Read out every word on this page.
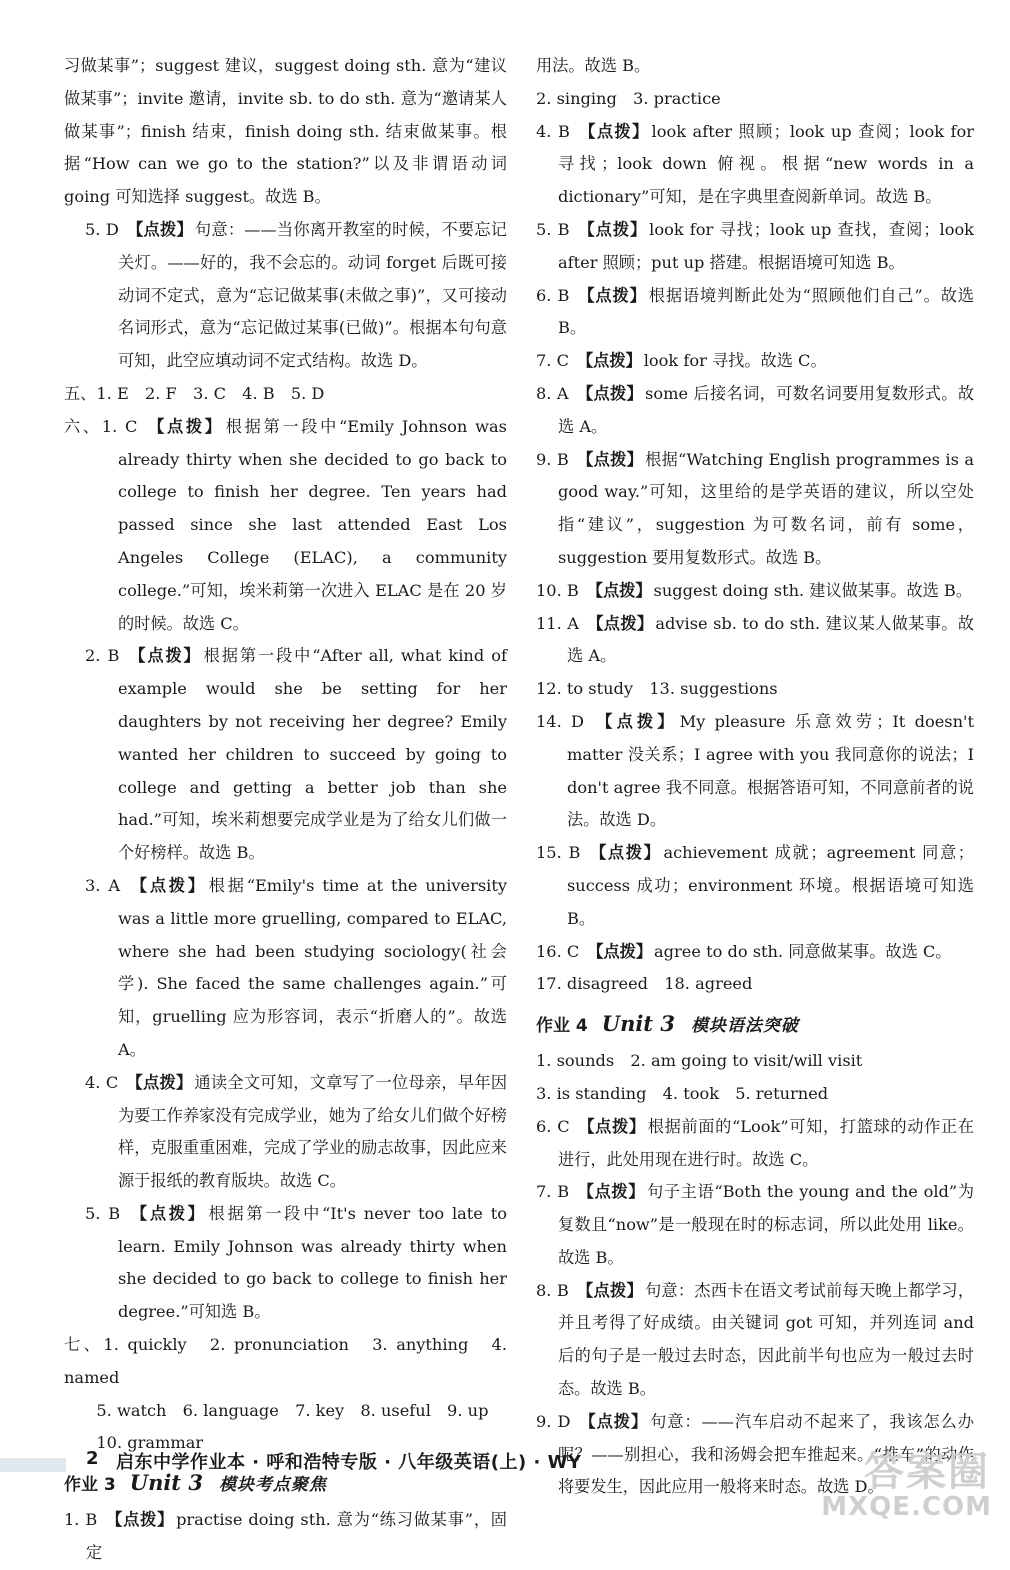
习做某事”；suggest 建议，suggest doing sth. 意为“建议做某事”；invite 邀请，invite sb. to do sth. 意为“邀请某人做某事”；finish 结束，finish doing sth. 结束做某事。根据“How can we go to the station?”以及非谓语动词 going 可知选择 suggest。故选 B。
5. D 【点拨】 句意：——当你离开教室的时候，不要忘记关灯。——好的，我不会忘的。动词 forget 后既可接动词不定式，意为“忘记做某事(未做之事)”，又可接动名词形式，意为“忘记做过某事(已做)”。根据本句句意可知，此空应填动词不定式结构。故选 D。
五、1. E　2. F　3. C　4. B　5. D
六、1. C 【点拨】 根据第一段中“Emily Johnson was already thirty when she decided to go back to college to finish her degree. Ten years had passed since she last attended East Los Angeles College (ELAC), a community college.”可知，埃米莉第一次进入 ELAC 是在 20 岁的时候。故选 C。
2. B 【点拨】 根据第一段中“After all, what kind of example would she be setting for her daughters by not receiving her degree? Emily wanted her children to succeed by going to college and getting a better job than she had.”可知，埃米莉想要完成学业是为了给女儿们做一个好榜样。故选 B。
3. A 【点拨】 根据“Emily's time at the university was a little more gruelling, compared to ELAC, where she had been studying sociology(社会学). She faced the same challenges again.”可知，gruelling 应为形容词，表示“折磨人的”。故选 A。
4. C 【点拨】 通读全文可知，文章写了一位母亲，早年因为要工作养家没有完成学业，她为了给女儿们做个好榜样，克服重重困难，完成了学业的励志故事，因此应来源于报纸的教育版块。故选 C。
5. B 【点拨】 根据第一段中“It's never too late to learn. Emily Johnson was already thirty when she decided to go back to college to finish her degree.”可知选 B。
七、1. quickly　2. pronunciation　3. anything　4. named
　　5. watch　6. language　7. key　8. useful　9. up
　　10. grammar
作业 3 Unit 3 模块考点聚焦
1. B 【点拨】 practise doing sth. 意为“练习做某事”，固定
用法。故选 B。
2. singing　3. practice
4. B 【点拨】 look after 照顾；look up 查阅；look for 寻找；look down 俯视。根据“new words in a dictionary”可知，是在字典里查阅新单词。故选 B。
5. B 【点拨】 look for 寻找；look up 查找，查阅；look after 照顾；put up 搭建。根据语境可知选 B。
6. B 【点拨】 根据语境判断此处为“照顾他们自己”。故选 B。
7. C 【点拨】 look for 寻找。故选 C。
8. A 【点拨】 some 后接名词，可数名词要用复数形式。故选 A。
9. B 【点拨】 根据“Watching English programmes is a good way.”可知，这里给的是学英语的建议，所以空处指“建议”，suggestion 为可数名词，前有 some，suggestion 要用复数形式。故选 B。
10. B 【点拨】 suggest doing sth. 建议做某事。故选 B。
11. A 【点拨】 advise sb. to do sth. 建议某人做某事。故选 A。
12. to study　13. suggestions
14. D 【点拨】 My pleasure 乐意效劳；It doesn't matter 没关系；I agree with you 我同意你的说法；I don't agree 我不同意。根据答语可知，不同意前者的说法。故选 D。
15. B 【点拨】 achievement 成就；agreement 同意；success 成功；environment 环境。根据语境可知选 B。
16. C 【点拨】 agree to do sth. 同意做某事。故选 C。
17. disagreed　18. agreed
作业 4 Unit 3 模块语法突破
1. sounds　2. am going to visit/will visit
3. is standing　4. took　5. returned
6. C 【点拨】 根据前面的“Look”可知，打篮球的动作正在进行，此处用现在进行时。故选 C。
7. B 【点拨】 句子主语“Both the young and the old”为复数且“now”是一般现在时的标志词，所以此处用 like。故选 B。
8. B 【点拨】 句意：杰西卡在语文考试前每天晚上都学习，并且考得了好成绩。由关键词 got 可知，并列连词 and 后的句子是一般过去时态，因此前半句也应为一般过去时态。故选 B。
9. D 【点拨】 句意：——汽车启动不起来了，我该怎么办呢？——别担心，我和汤姆会把车推起来。“推车”的动作将要发生，因此应用一般将来时态。故选 D。
2 启东中学作业本 · 呼和浩特专版 · 八年级英语(上) · WY	答案圈
MXQE.COM
